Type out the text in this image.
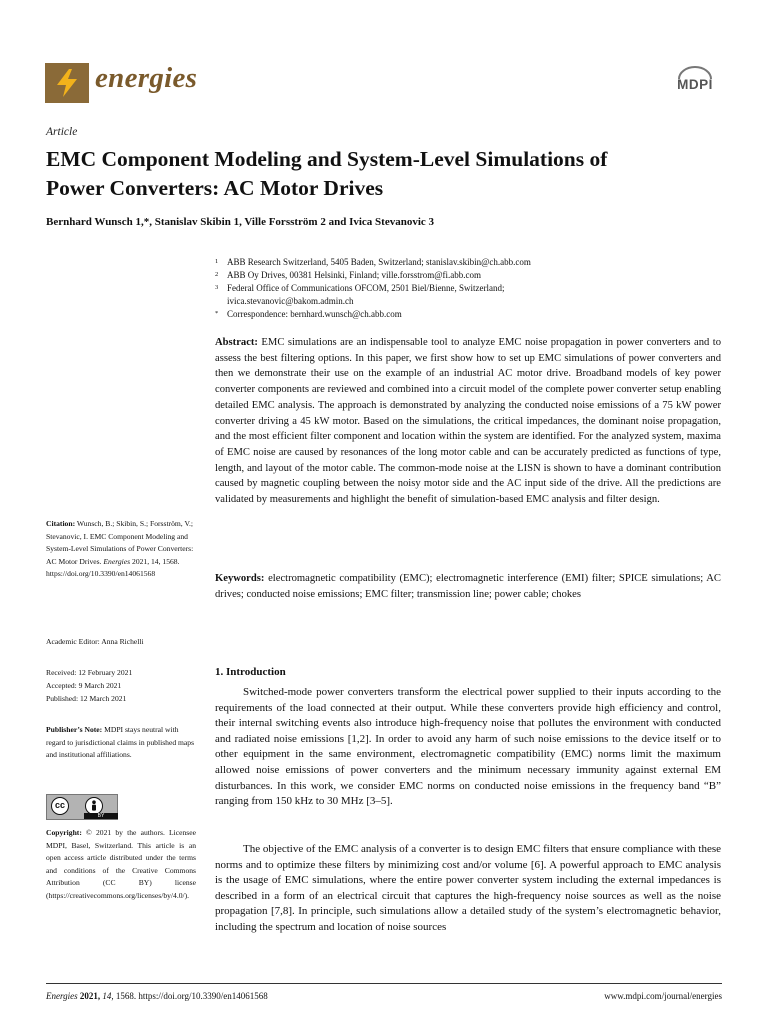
energies	MDPI
Article
EMC Component Modeling and System-Level Simulations of
Power Converters: AC Motor Drives
Bernhard Wunsch 1,*, Stanislav Skibin 1, Ville Forsström 2 and Ivica Stevanovic 3
1 ABB Research Switzerland, 5405 Baden, Switzerland; stanislav.skibin@ch.abb.com
2 ABB Oy Drives, 00381 Helsinki, Finland; ville.forsstrom@fi.abb.com
3 Federal Office of Communications OFCOM, 2501 Biel/Bienne, Switzerland;
ivica.stevanovic@bakom.admin.ch
* Correspondence: bernhard.wunsch@ch.abb.com
Abstract: EMC simulations are an indispensable tool to analyze EMC noise propagation in power converters and to assess the best filtering options. In this paper, we first show how to set up EMC simulations of power converters and then we demonstrate their use on the example of an industrial AC motor drive. Broadband models of key power converter components are reviewed and combined into a circuit model of the complete power converter setup enabling detailed EMC analysis. The approach is demonstrated by analyzing the conducted noise emissions of a 75 kW power converter driving a 45 kW motor. Based on the simulations, the critical impedances, the dominant noise propagation, and the most efficient filter component and location within the system are identified. For the analyzed system, maxima of EMC noise are caused by resonances of the long motor cable and can be accurately predicted as functions of type, length, and layout of the motor cable. The common-mode noise at the LISN is shown to have a dominant contribution caused by magnetic coupling between the noisy motor side and the AC input side of the drive. All the predictions are validated by measurements and highlight the benefit of simulation-based EMC analysis and filter design.
Keywords: electromagnetic compatibility (EMC); electromagnetic interference (EMI) filter; SPICE simulations; AC drives; conducted noise emissions; EMC filter; transmission line; power cable; chokes
Citation: Wunsch, B.; Skibin, S.; Forsström, V.; Stevanovic, I. EMC Component Modeling and System-Level Simulations of Power Converters: AC Motor Drives. Energies 2021, 14, 1568. https://doi.org/10.3390/en14061568
Academic Editor: Anna Richelli
Received: 12 February 2021
Accepted: 9 March 2021
Published: 12 March 2021
Publisher’s Note: MDPI stays neutral with regard to jurisdictional claims in published maps and institutional affiliations.
cc
BY
Copyright: © 2021 by the authors. Licensee MDPI, Basel, Switzerland. This article is an open access article distributed under the terms and conditions of the Creative Commons Attribution (CC BY) license (https://creativecommons.org/licenses/by/4.0/).
1. Introduction
Switched-mode power converters transform the electrical power supplied to their inputs according to the requirements of the load connected at their output. While these converters provide high efficiency and control, their internal switching events also introduce high-frequency noise that pollutes the environment with conducted and radiated noise emissions [1,2]. In order to avoid any harm of such noise emissions to the device itself or to other equipment in the same environment, electromagnetic compatibility (EMC) norms limit the maximum allowed noise emissions of power converters and the minimum necessary immunity against external EM disturbances. In this work, we consider EMC norms on conducted noise emissions in the frequency band “B” ranging from 150 kHz to 30 MHz [3–5].
The objective of the EMC analysis of a converter is to design EMC filters that ensure compliance with these norms and to optimize these filters by minimizing cost and/or volume [6]. A powerful approach to EMC analysis is the usage of EMC simulations, where the entire power converter system including the external impedances is described in a form of an electrical circuit that captures the high-frequency noise sources as well as the noise propagation [7,8]. In principle, such simulations allow a detailed study of the system’s electromagnetic behavior, including the spectrum and location of noise sources
Energies 2021, 14, 1568. https://doi.org/10.3390/en14061568	www.mdpi.com/journal/energies
